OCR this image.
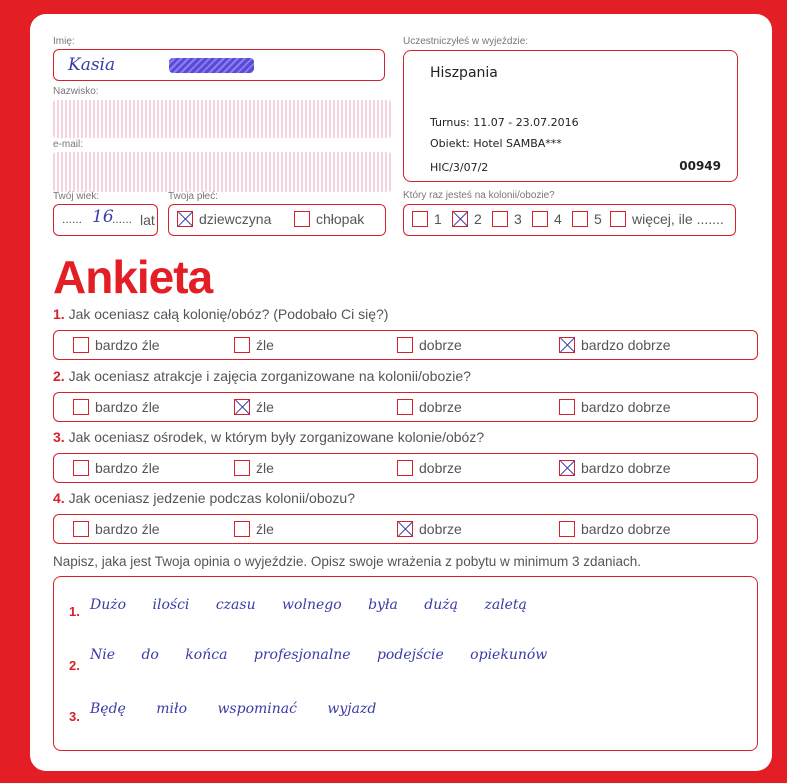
Imię:
Kasia
Nazwisko:
e-mail:
Twój wiek:
...... 16
...... lat
Twoja płeć:
dziewczyna	chłopak
Uczestniczyłeś w wyjeździe:
Hiszpania
Turnus: 11.07 - 23.07.2016
Obiekt: Hotel SAMBA***
HIC/3/07/2	00949
Który raz jesteś na kolonii/obozie?
1 2 3 4 5 więcej, ile .......
Ankieta
1. Jak oceniasz całą kolonię/obóz? (Podobało Ci się?)
bardzo źle	źle	dobrze	bardzo dobrze
2. Jak oceniasz atrakcje i zajęcia zorganizowane na kolonii/obozie?
bardzo źle	źle	dobrze	bardzo dobrze
3. Jak oceniasz ośrodek, w którym były zorganizowane kolonie/obóz?
bardzo źle	źle	dobrze	bardzo dobrze
4. Jak oceniasz jedzenie podczas kolonii/obozu?
bardzo źle	źle	dobrze	bardzo dobrze
Napisz, jaka jest Twoja opinia o wyjeździe. Opisz swoje wrażenia z pobytu w minimum 3 zdaniach.
1. Dużo ilości czasu wolnego była dużą zaletą
2.
Nie do końca profesjonalne podejście opiekunów
3. Będę miło wspominać wyjazd
